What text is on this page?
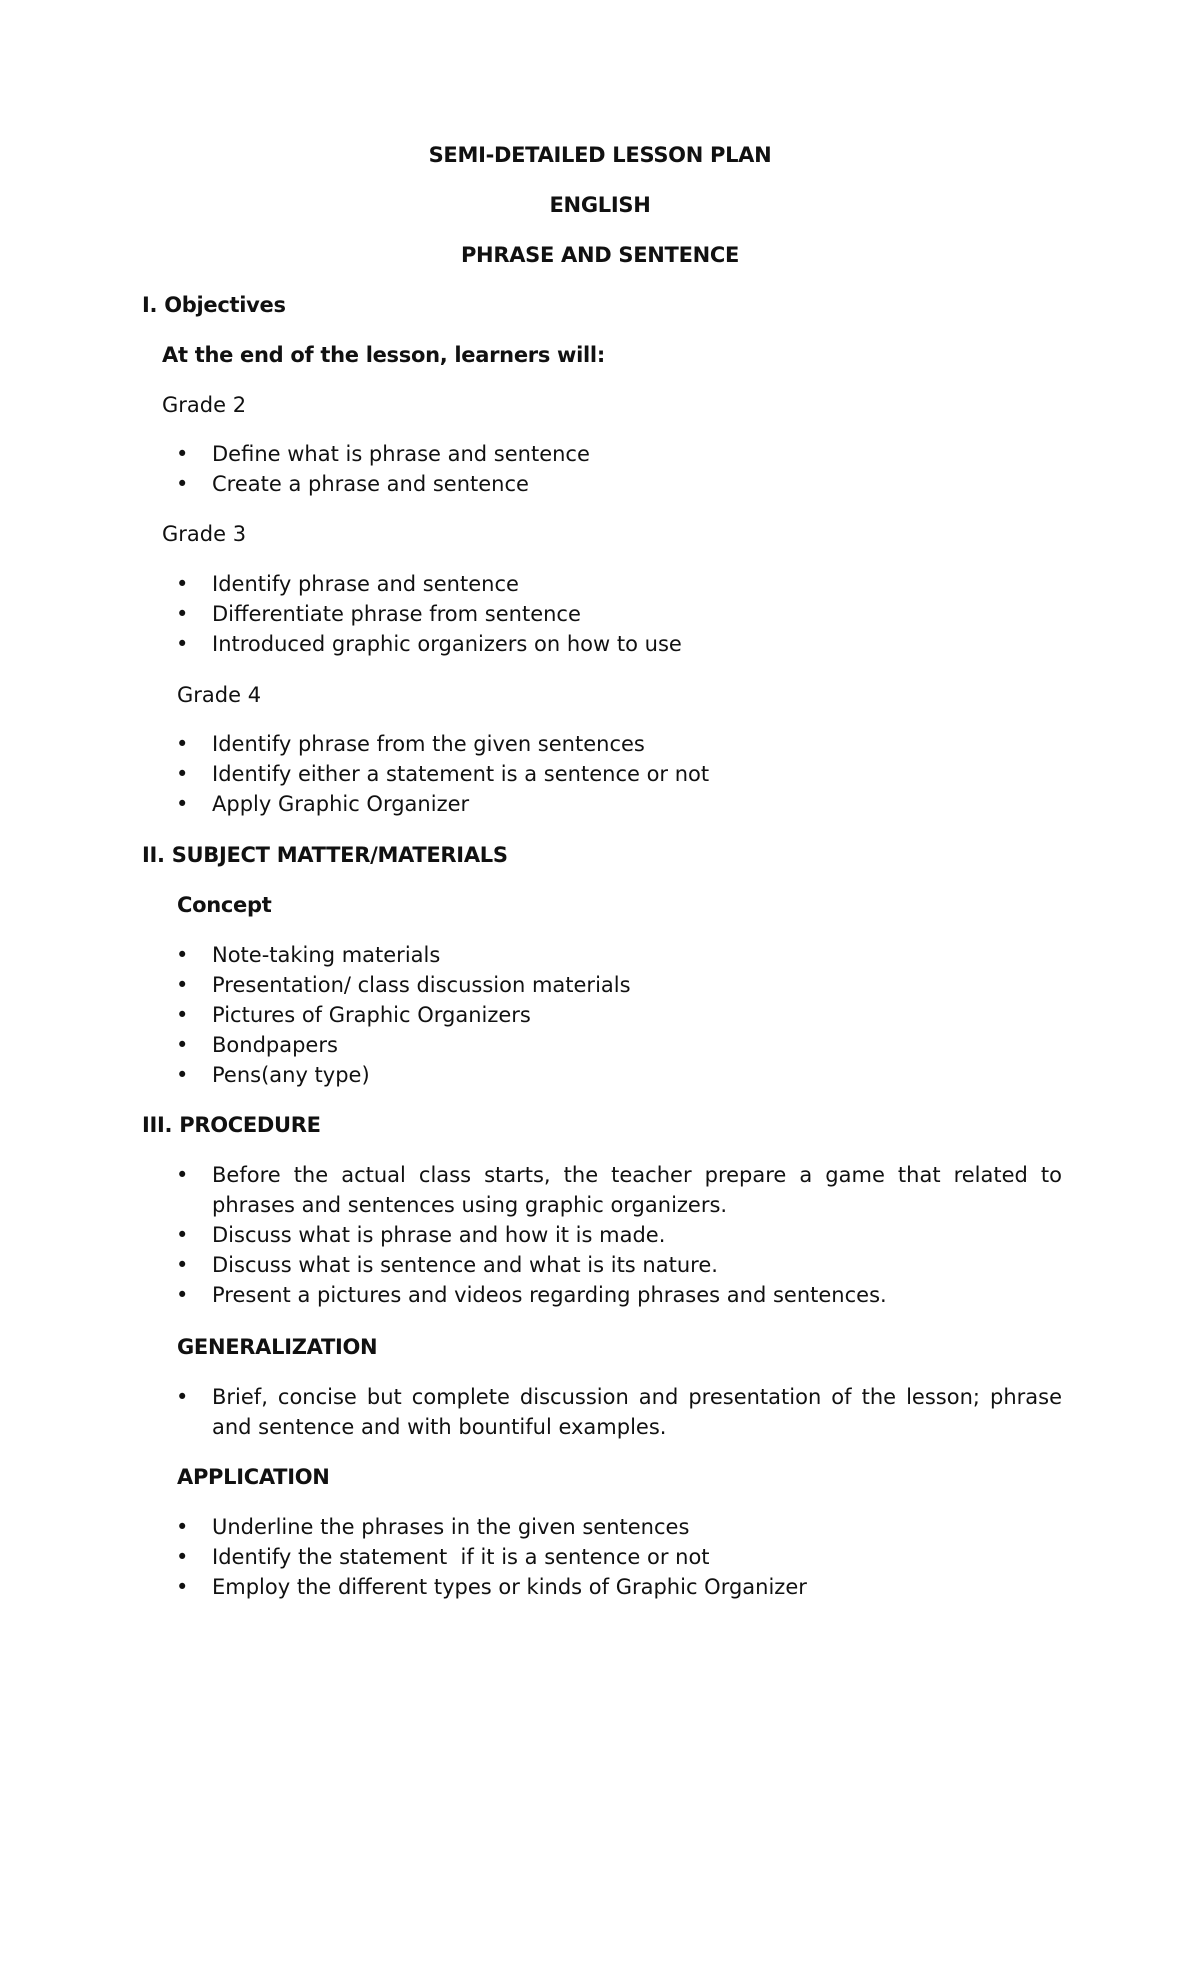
SEMI-DETAILED LESSON PLAN

ENGLISH

PHRASE AND SENTENCE

I. Objectives

At the end of the lesson, learners will:

Grade 2

• Define what is phrase and sentence
• Create a phrase and sentence

Grade 3

• Identify phrase and sentence
• Differentiate phrase from sentence
• Introduced graphic organizers on how to use

Grade 4

• Identify phrase from the given sentences
• Identify either a statement is a sentence or not
• Apply Graphic Organizer

II. SUBJECT MATTER/MATERIALS

Concept

• Note-taking materials
• Presentation/ class discussion materials
• Pictures of Graphic Organizers
• Bondpapers
• Pens(any type)

III. PROCEDURE

• Before the actual class starts, the teacher prepare a game that related to phrases and sentences using graphic organizers.
• Discuss what is phrase and how it is made.
• Discuss what is sentence and what is its nature.
• Present a pictures and videos regarding phrases and sentences.

GENERALIZATION

• Brief, concise but complete discussion and presentation of the lesson; phrase and sentence and with bountiful examples.

APPLICATION

• Underline the phrases in the given sentences
• Identify the statement  if it is a sentence or not
• Employ the different types or kinds of Graphic Organizer
